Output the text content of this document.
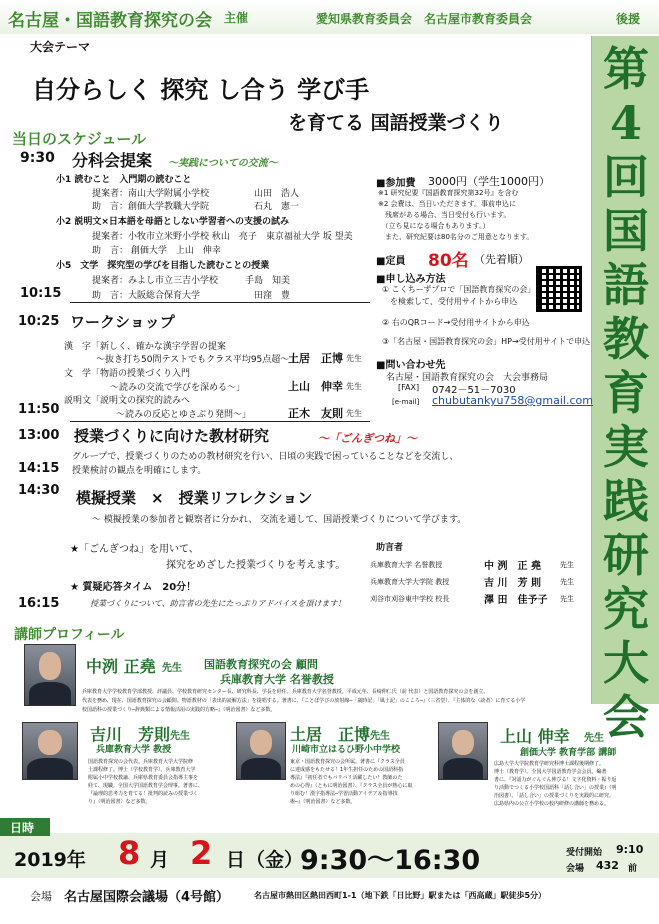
名古屋・国語教育探究の会 主催	愛知県教育委員会　名古屋市教育委員会	後援
第4回国語教育実践研究大会
大会テーマ
自分らしく 探究 し合う 学び手
を育てる 国語授業づくり
当日のスケジュール
9:30 分科会提案 ～実践についての交流～
小1 読むこと　入門期の読むこと
提案者：南山大学附属小学校　　　　　山田　浩人
助　言：創価大学教職大学院　　　　　石丸　憲一
小2 説明文×日本語を母語としない学習者への支援の試み
提案者：小牧市立米野小学校 秋山　亮子　東京福祉大学 坂 望美
助　言： 創価大学　上山　伸幸
小5　文学　探究型の学びを目指した読むことの授業
提案者：みよし市立三吉小学校　　　手島　知美
助　言：大阪総合保育大学　　　　　　田窪　豊
10:15
10:25 ワークショップ
漢　字「新しく、確かな漢字学習の提案
～抜き打ち50問テストでもクラス平均95点超～」
土居　正博 先生
文　学「物語の授業づくり入門
～読みの交流で学びを深める～」	上山　伸幸 先生
説明文「説明文の探究的読みへ
～読みの反応とゆさぶり発問～」	正木　友則 先生
11:50
■参加費 3000円（学生1000円）
※1 研究紀要『国語教育探究第32号』を含む
※2 会費は、当日いただきます。事前申込に
　残席がある場合、当日受付も行います。
　（立ち見になる場合もあります。）
　また、研究紀要は80名分のご用意となります。
■定員 80名 （先着順）
■申し込み方法
① こくちーずプロで「国語教育探究の会」
　を検索して、受付用サイトから申込
② 右のQRコード→受付用サイトから申込
③「名古屋・国語教育探究の会」HP→受付用サイトで申込
■問い合わせ先
名古屋・国語教育探究の会　大会事務局
[FAX] 0742－51－7030
[e-mail] chubutankyu758@gmail.com
13:00 授業づくりに向けた教材研究	～「ごんぎつね」～
グループで、授業づくりのための教材研究を行い、日頃の実践で困っていることなどを交流し、
授業検討の観点を明確にします。
14:15
14:30 模擬授業　×　授業リフレクション
～ 模擬授業の参加者と観察者に分かれ、 交流を通して、国語授業づくりについて学びます。
★「ごんぎつね」を用いて、
探究をめざした授業づくりを考えます。
★ 質疑応答タイム　20分！
授業づくりについて、助言者の先生にたっぷりアドバイスを頂けます！
16:15
助言者
兵庫教育大学 名誉教授	中 洌　正 堯	先生
兵庫教育大学大学院 教授	吉 川　芳 則	先生
刈谷市刈谷東中学校 校長	澤 田　佳予子 先生
講師プロフィール
中洌 正堯 先生 国語教育探究の会 顧問
兵庫教育大学 名誉教授
兵庫教育大学学校教育学部教授、評議員、学校教育研究センター長、研究科長、学長を経任。兵庫教育大学名誉教授。平成元年、長崎伸仁氏（前 代表）と国語教育探究の会を創立。
代表を務め、現在、国語教育探究の会顧問。物語教材の「表出的読解方法」を提唱する。著書に、『ことば学びの放射線─「歳時記」「風土記」のこころ─』（三省堂）、『主体的な〈読者〉に育てる小学
校国語科の授業づくり─辞典類による情報活用の実践的方略─』（明治図書）など多数。
吉川　芳則 先生
兵庫教育大学 教授
国語教育探究の会代表。兵庫教育大学大学院修
士課程修了。博士（学校教育学）。兵庫教育大学
附属小中学校教諭、兵庫県教育委員会指導主事を
経て、現職。全国大学国語教育学会理事。著書に、
『論理的思考力を育てる！批判的読みの授業づく
り』（明治図書）など多数。
土居　正博 先生
川崎市立はるひ野小中学校
東京・国語教育探究の会所属。著書に『クラス全員
に達成感をもたせる！1年生担任のための国語科指
導法』『初任者でもバリバリ活躍したい！教師のた
めの心得』（ともに明治図書）、『クラス全員が熱心に取
り組む！漢字指導法─学習活動アイデア＆指導技
術─』（明治図書）など多数。
上山 伸幸 先生
創価大学 教育学部 講師
広島大学大学院教育学研究科博士課程後期修了。
博士（教育学）。全国大学国語教育学会会員。編著
書に、『対話力がぐんぐん伸びる！文字化資料・振り返
り活動でつくる小学校国語科「話し合い」の授業』（明
治図書）、「話し合い」の授業づくりを実践的に研究。
広島県内の公立小学校の校内研修の講師を務める。
日時
2019年 8 月 2 日 （金）
9:30～16:30	受付開始 9:10
会場 432 前
会場 名古屋国際会議場（4号館）	名古屋市熱田区熱田西町1-1（地下鉄「日比野」駅または「西高蔵」駅徒歩5分）
